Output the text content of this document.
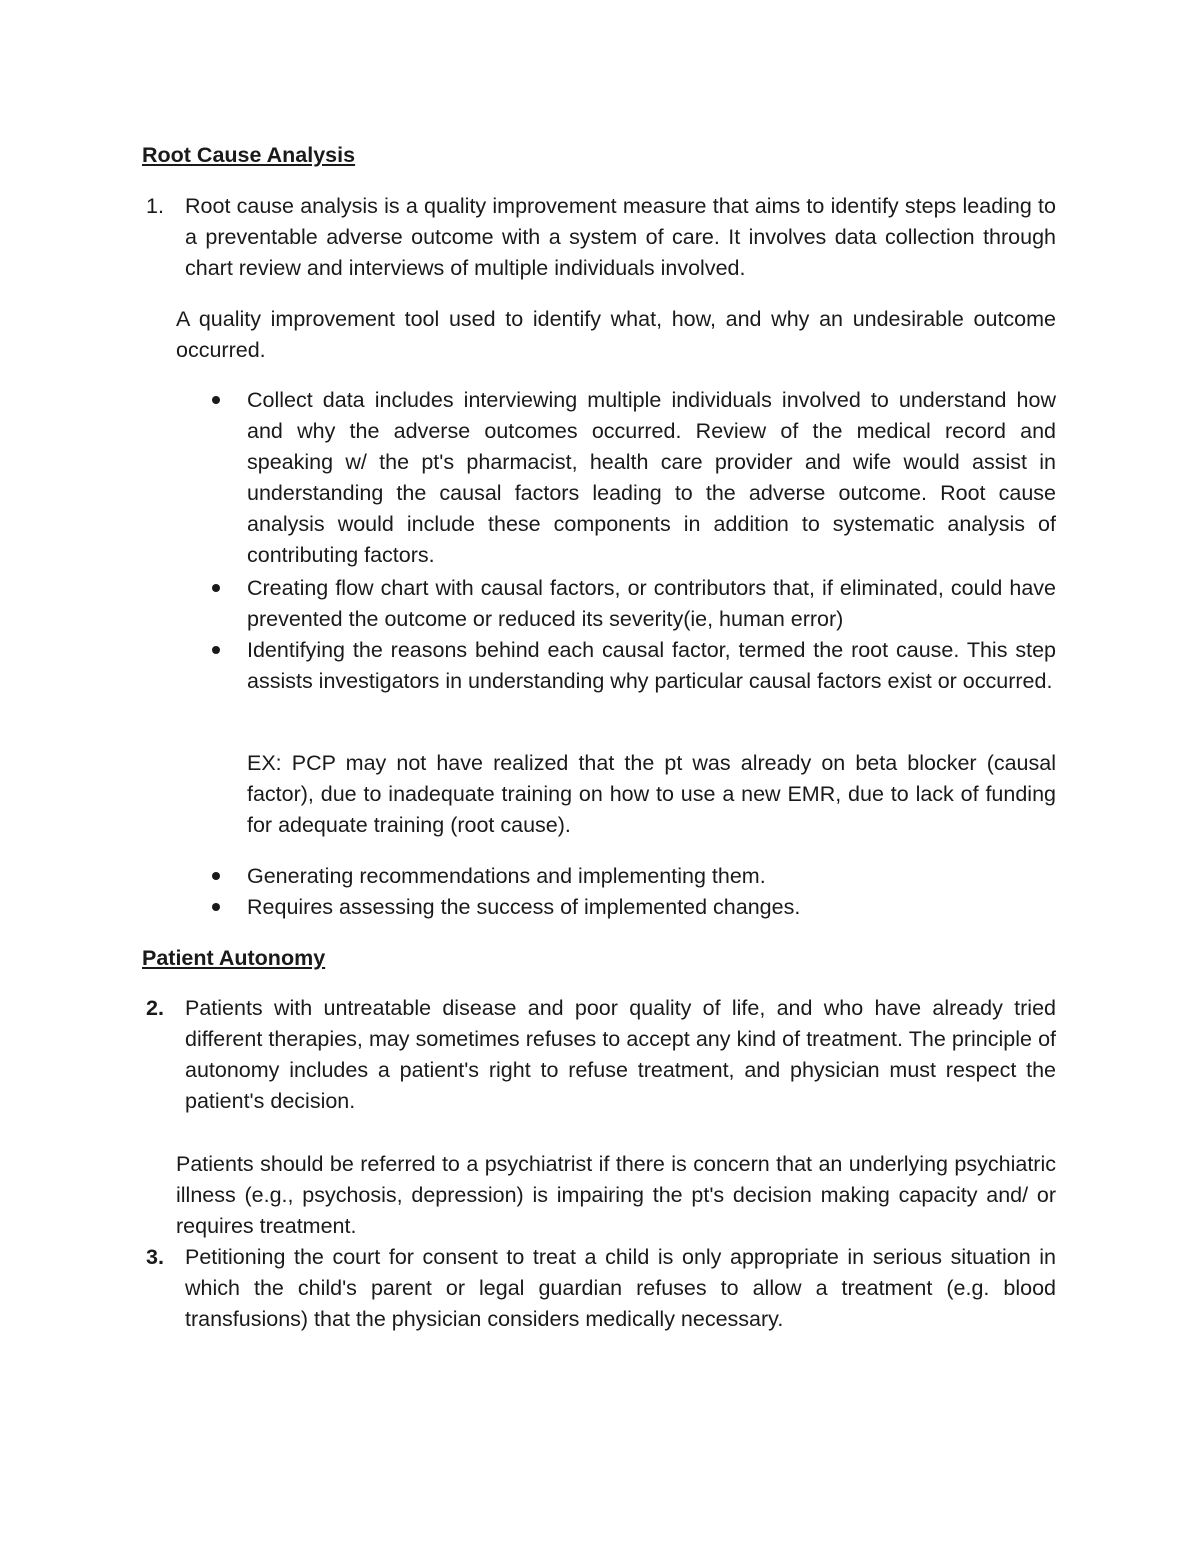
Root Cause Analysis
1. Root cause analysis is a quality improvement measure that aims to identify steps leading to a preventable adverse outcome with a system of care. It involves data collection through chart review and interviews of multiple individuals involved.
A quality improvement tool used to identify what, how, and why an undesirable outcome occurred.
Collect data includes interviewing multiple individuals involved to understand how and why the adverse outcomes occurred. Review of the medical record and speaking w/ the pt's pharmacist, health care provider and wife would assist in understanding the causal factors leading to the adverse outcome. Root cause analysis would include these components in addition to systematic analysis of contributing factors.
Creating flow chart with causal factors, or contributors that, if eliminated, could have prevented the outcome or reduced its severity(ie, human error)
Identifying the reasons behind each causal factor, termed the root cause. This step assists investigators in understanding why particular causal factors exist or occurred.
EX: PCP may not have realized that the pt was already on beta blocker (causal factor), due to inadequate training on how to use a new EMR, due to lack of funding for adequate training (root cause).
Generating recommendations and implementing them.
Requires assessing the success of implemented changes.
Patient Autonomy
2. Patients with untreatable disease and poor quality of life, and who have already tried different therapies, may sometimes refuses to accept any kind of treatment. The principle of autonomy includes a patient's right to refuse treatment, and physician must respect the patient's decision.
Patients should be referred to a psychiatrist if there is concern that an underlying psychiatric illness (e.g., psychosis, depression) is impairing the pt's decision making capacity and/ or requires treatment.
3. Petitioning the court for consent to treat a child is only appropriate in serious situation in which the child's parent or legal guardian refuses to allow a treatment (e.g. blood transfusions) that the physician considers medically necessary.
